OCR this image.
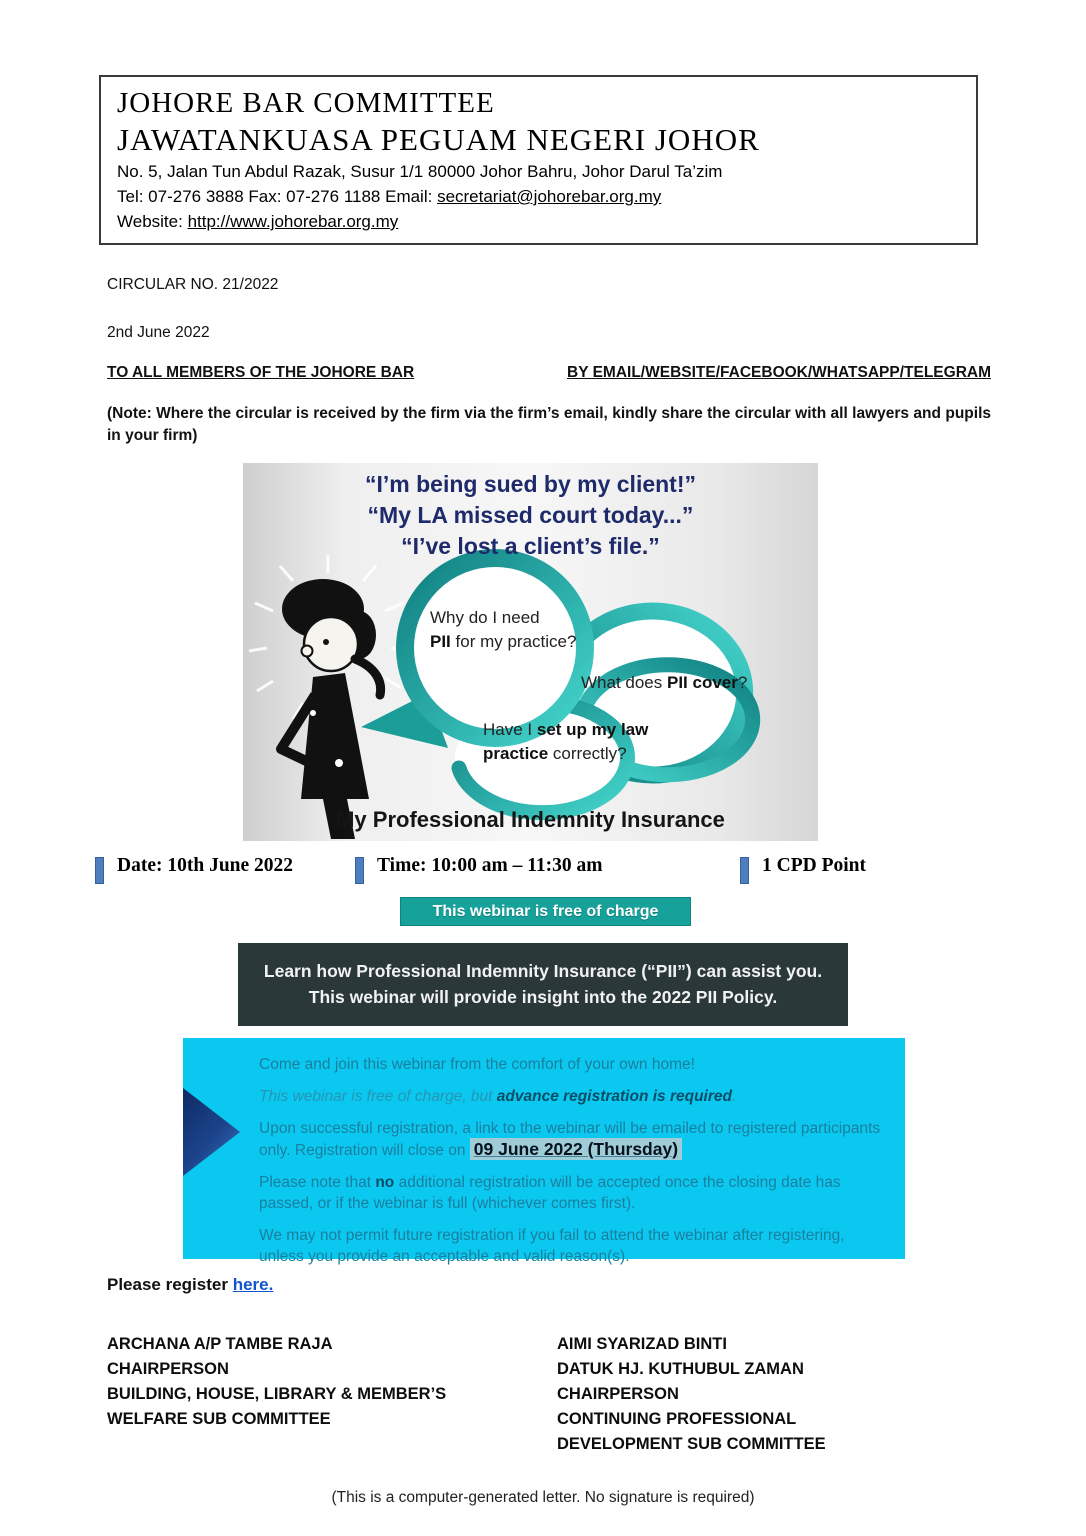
JOHORE BAR COMMITTEE
JAWATANKUASA PEGUAM NEGERI JOHOR
No. 5, Jalan Tun Abdul Razak, Susur 1/1 80000 Johor Bahru, Johor Darul Ta’zim
Tel: 07-276 3888 Fax: 07-276 1188 Email: secretariat@johorebar.org.my
Website: http://www.johorebar.org.my
CIRCULAR NO. 21/2022
2nd June 2022
TO ALL MEMBERS OF THE JOHORE BAR	BY EMAIL/WEBSITE/FACEBOOK/WHATSAPP/TELEGRAM
(Note: Where the circular is received by the firm via the firm’s email, kindly share the circular with all lawyers and pupils in your firm)
“I’m being sued by my client!”
“My LA missed court today...”
“I’ve lost a client’s file.”
Why do I need
PII for my practice?
What does PII cover?
Have I set up my law
practice correctly?
My Professional Indemnity Insurance
Date: 10th June 2022	Time: 10:00 am – 11:30 am	1 CPD Point
This webinar is free of charge
Learn how Professional Indemnity Insurance (“PII”) can assist you.
This webinar will provide insight into the 2022 PII Policy.

Come and join this webinar from the comfort of your own home!

This webinar is free of charge, but advance registration is required.

Upon successful registration, a link to the webinar will be emailed to registered participants only. Registration will close on 09 June 2022 (Thursday)

Please note that no additional registration will be accepted once the closing date has passed, or if the webinar is full (whichever comes first).

We may not permit future registration if you fail to attend the webinar after registering, unless you provide an acceptable and valid reason(s).

Please register here.
ARCHANA A/P TAMBE RAJA
CHAIRPERSON
BUILDING, HOUSE, LIBRARY & MEMBER’S
WELFARE SUB COMMITTEE
AIMI SYARIZAD BINTI
DATUK HJ. KUTHUBUL ZAMAN
CHAIRPERSON
CONTINUING PROFESSIONAL
DEVELOPMENT SUB COMMITTEE
(This is a computer-generated letter. No signature is required)
